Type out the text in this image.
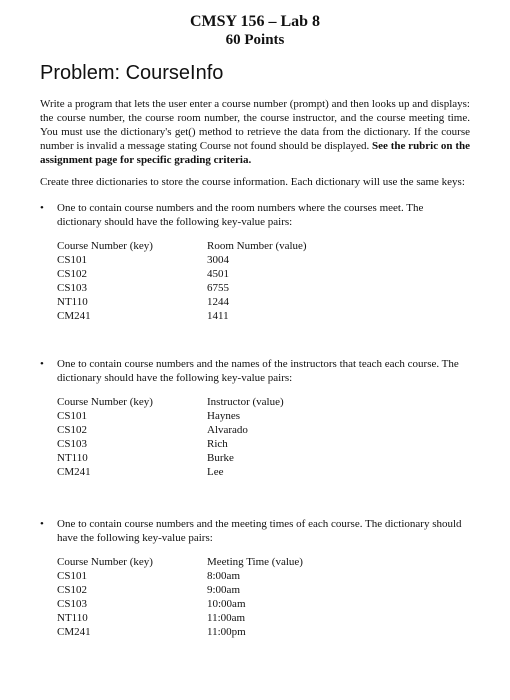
CMSY 156 – Lab 8
60 Points
Problem: CourseInfo

Write a program that lets the user enter a course number (prompt) and then looks up and displays: the course number, the course room number, the course instructor, and the course meeting time. You must use the dictionary's get() method to retrieve the data from the dictionary. If the course number is invalid a message stating Course not found should be displayed. See the rubric on the assignment page for specific grading criteria.

Create three dictionaries to store the course information. Each dictionary will use the same keys:

•	One to contain course numbers and the room numbers where the courses meet. The dictionary should have the following key-value pairs:
Course Number (key)	Room Number (value)
CS101	3004
CS102	4501
CS103	6755
NT110	1244
CM241	1411
•	One to contain course numbers and the names of the instructors that teach each course. The dictionary should have the following key-value pairs:
Course Number (key)	Instructor (value)
CS101	Haynes
CS102	Alvarado
CS103	Rich
NT110	Burke
CM241	Lee
•	One to contain course numbers and the meeting times of each course. The dictionary should have the following key-value pairs:
Course Number (key)	Meeting Time (value)
CS101	8:00am
CS102	9:00am
CS103	10:00am
NT110	11:00am
CM241	11:00pm
